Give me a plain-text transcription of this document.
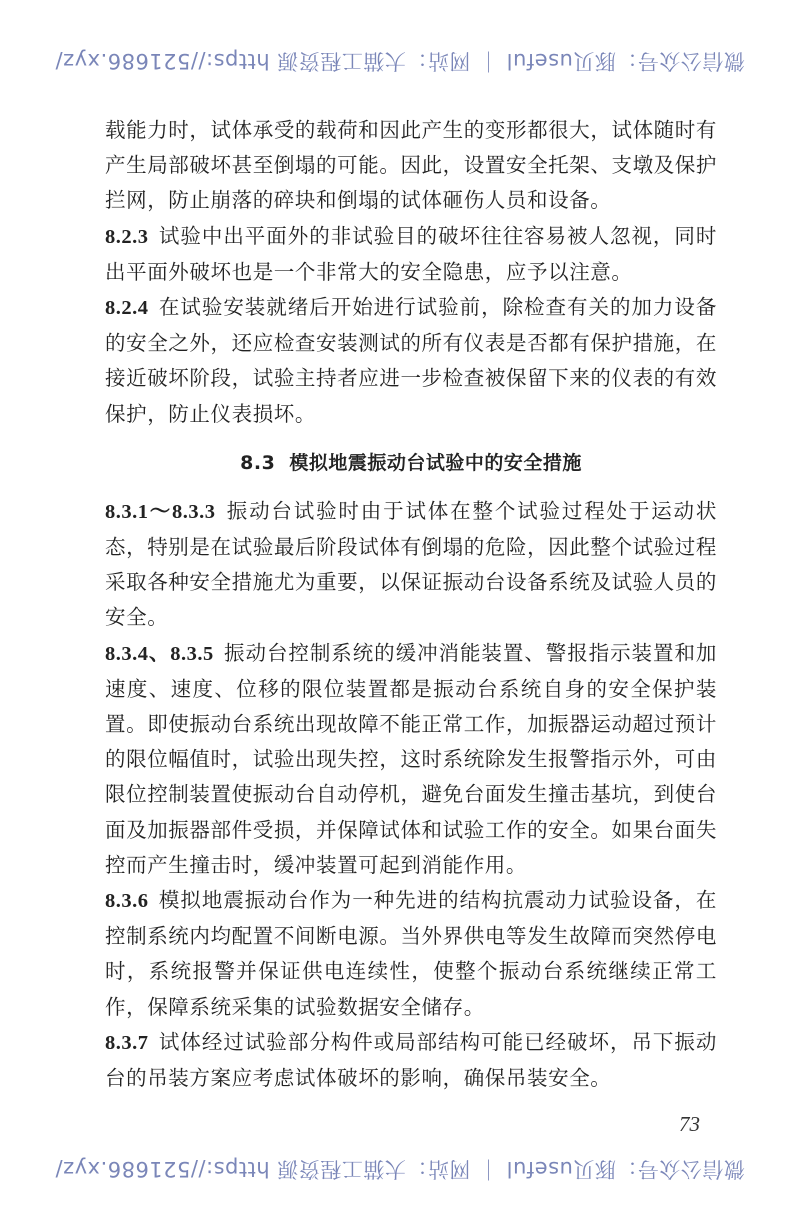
微信公众号：豚贝useful ｜ 网站：大猫工程资源 https://521686.xyz/

载能力时，试体承受的载荷和因此产生的变形都很大，试体随时有产生局部破坏甚至倒塌的可能。因此，设置安全托架、支墩及保护拦网，防止崩落的碎块和倒塌的试体砸伤人员和设备。

8.2.3 试验中出平面外的非试验目的破坏往往容易被人忽视，同时出平面外破坏也是一个非常大的安全隐患，应予以注意。

8.2.4 在试验安装就绪后开始进行试验前，除检查有关的加力设备的安全之外，还应检查安装测试的所有仪表是否都有保护措施，在接近破坏阶段，试验主持者应进一步检查被保留下来的仪表的有效保护，防止仪表损坏。

8.3 模拟地震振动台试验中的安全措施

8.3.1～8.3.3 振动台试验时由于试体在整个试验过程处于运动状态，特别是在试验最后阶段试体有倒塌的危险，因此整个试验过程采取各种安全措施尤为重要，以保证振动台设备系统及试验人员的安全。

8.3.4、8.3.5 振动台控制系统的缓冲消能装置、警报指示装置和加速度、速度、位移的限位装置都是振动台系统自身的安全保护装置。即使振动台系统出现故障不能正常工作，加振器运动超过预计的限位幅值时，试验出现失控，这时系统除发生报警指示外，可由限位控制装置使振动台自动停机，避免台面发生撞击基坑，到使台面及加振器部件受损，并保障试体和试验工作的安全。如果台面失控而产生撞击时，缓冲装置可起到消能作用。

8.3.6 模拟地震振动台作为一种先进的结构抗震动力试验设备，在控制系统内均配置不间断电源。当外界供电等发生故障而突然停电时，系统报警并保证供电连续性，使整个振动台系统继续正常工作，保障系统采集的试验数据安全储存。

8.3.7 试体经过试验部分构件或局部结构可能已经破坏，吊下振动台的吊装方案应考虑试体破坏的影响，确保吊装安全。

73
微信公众号：豚贝useful ｜ 网站：大猫工程资源 https://521686.xyz/
